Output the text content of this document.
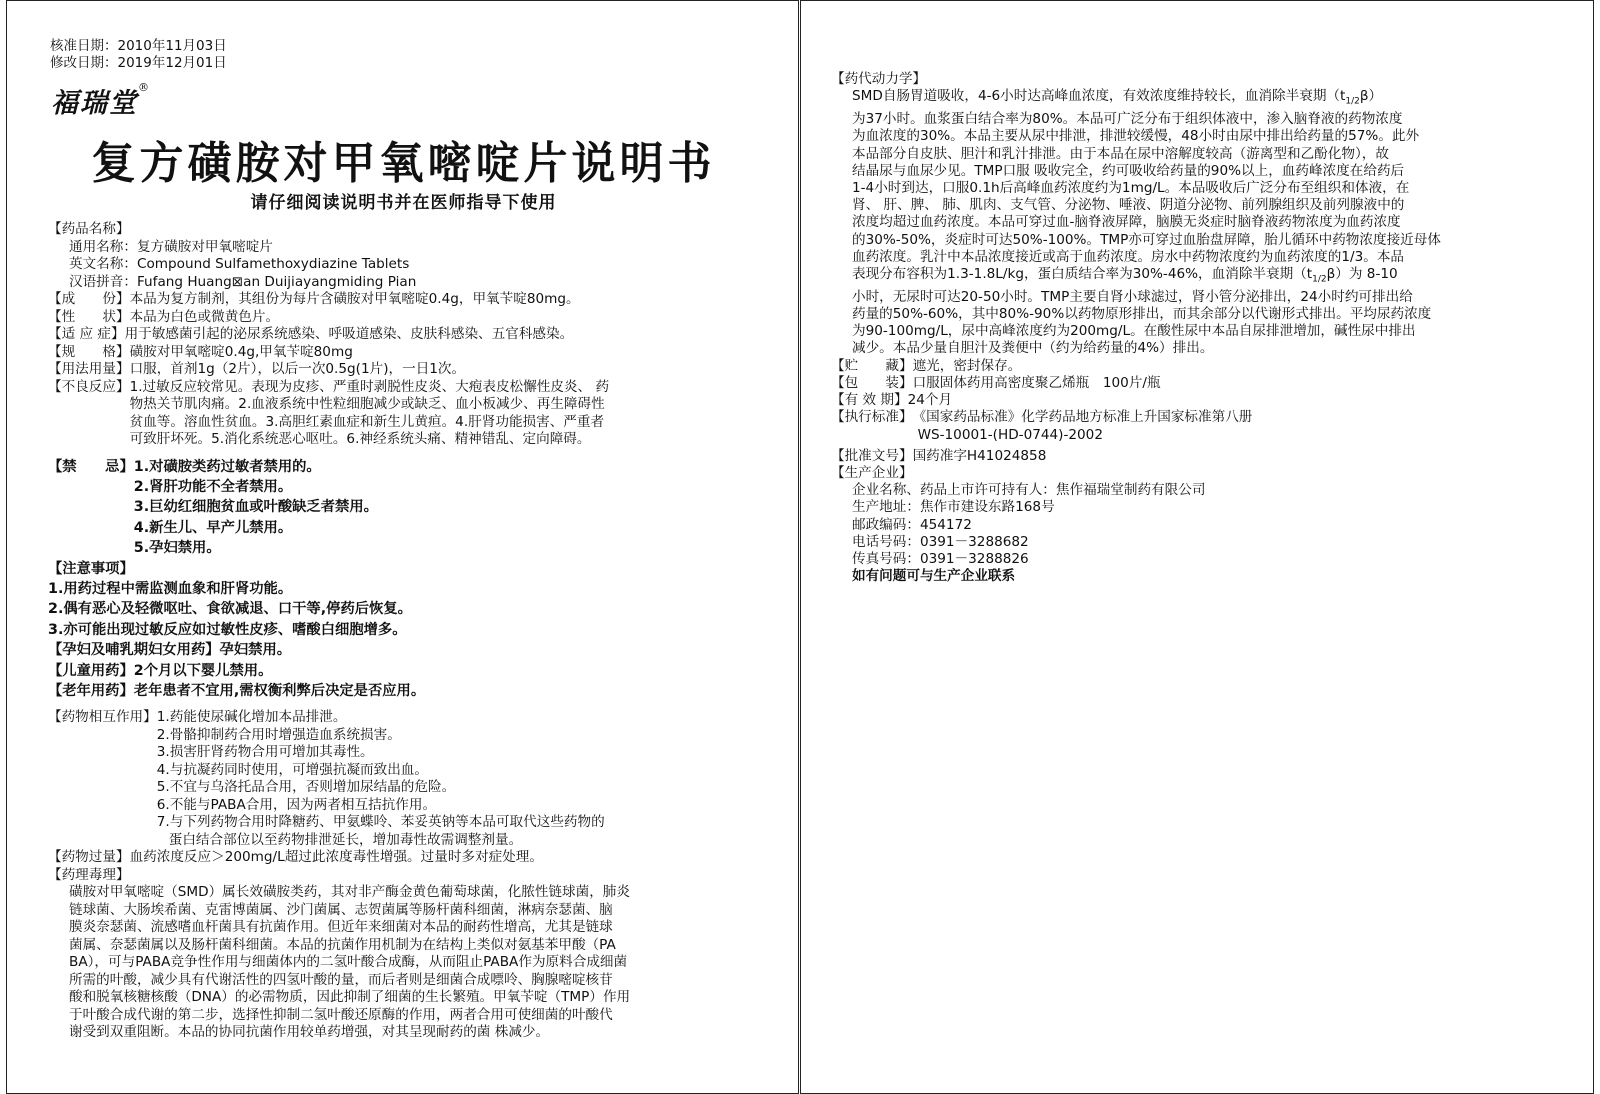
核准日期：2010年11月03日
修改日期：2019年12月01日
福瑞堂®
复方磺胺对甲氧嘧啶片说明书
请仔细阅读说明书并在医师指导下使用
【药品名称】
通用名称：复方磺胺对甲氧嘧啶片
英文名称：Compound Sulfamethoxydiazine Tablets
汉语拼音：Fufang Huang⊠an Duijiayangmiding Pian
【成　　份】 本品为复方制剂，其组份为每片含磺胺对甲氧嘧啶0.4g，甲氧苄啶80mg。
【性　　状】 本品为白色或微黄色片。
【适 应 症】 用于敏感菌引起的泌尿系统感染、呼吸道感染、皮肤科感染、五官科感染。
【规　　格】 磺胺对甲氧嘧啶0.4g,甲氧苄啶80mg
【用法用量】 口服，首剂1g（2片），以后一次0.5g(1片)，一日1次。
【不良反应】 1.过敏反应较常见。表现为皮疹、严重时剥脱性皮炎、大疱表皮松懈性皮炎、 药
物热关节肌肉痛。2.血液系统中性粒细胞减少或缺乏、血小板减少、再生障碍性
贫血等。溶血性贫血。3.高胆红素血症和新生儿黄疸。4.肝肾功能损害、严重者
可致肝坏死。5.消化系统恶心呕吐。6.神经系统头痛、精神错乱、定向障碍。
【禁　　忌】 1.对磺胺类药过敏者禁用的。
2.肾肝功能不全者禁用。
3.巨幼红细胞贫血或叶酸缺乏者禁用。
4.新生儿、早产儿禁用。
5.孕妇禁用。
【注意事项】
1.用药过程中需监测血象和肝肾功能。
2.偶有恶心及轻微呕吐、食欲减退、口干等,停药后恢复。
3.亦可能出现过敏反应如过敏性皮疹、嗜酸白细胞增多。
【孕妇及哺乳期妇女用药】孕妇禁用。
【儿童用药】2个月以下婴儿禁用。
【老年用药】老年患者不宜用,需权衡利弊后决定是否应用。
【药物相互作用】 1.药能使尿碱化增加本品排泄。
2.骨骼抑制药合用时增强造血系统损害。
3.损害肝肾药物合用可增加其毒性。
4.与抗凝药同时使用，可增强抗凝而致出血。
5.不宜与乌洛托品合用，否则增加尿结晶的危险。
6.不能与PABA合用，因为两者相互拮抗作用。
7.与下列药物合用时降糖药、甲氨蝶呤、苯妥英钠等本品可取代这些药物的
蛋白结合部位以至药物排泄延长，增加毒性故需调整剂量。
【药物过量】 血药浓度反应＞200mg/L超过此浓度毒性增强。过量时多对症处理。
【药理毒理】
磺胺对甲氧嘧啶（SMD）属长效磺胺类药，其对非产酶金黄色葡萄球菌，化脓性链球菌，肺炎
链球菌、大肠埃希菌、克雷博菌属、沙门菌属、志贺菌属等肠杆菌科细菌，淋病奈瑟菌、脑
膜炎奈瑟菌、流感嗜血杆菌具有抗菌作用。但近年来细菌对本品的耐药性增高，尤其是链球
菌属、奈瑟菌属以及肠杆菌科细菌。本品的抗菌作用机制为在结构上类似对氨基苯甲酸（PA
BA），可与PABA竞争性作用与细菌体内的二氢叶酸合成酶，从而阻止PABA作为原料合成细菌
所需的叶酸，减少具有代谢活性的四氢叶酸的量，而后者则是细菌合成嘌呤、胸腺嘧啶核苷
酸和脱氧核糖核酸（DNA）的必需物质，因此抑制了细菌的生长繁殖。甲氧苄啶（TMP）作用
于叶酸合成代谢的第二步，选择性抑制二氢叶酸还原酶的作用，两者合用可使细菌的叶酸代
谢受到双重阻断。本品的协同抗菌作用较单药增强，对其呈现耐药的菌 株减少。
【药代动力学】
SMD自肠胃道吸收，4-6小时达高峰血浓度，有效浓度维持较长，血消除半衰期$(t_{1/2}\beta)$
为37小时。血浆蛋白结合率为80%。本品可广泛分布于组织体液中，渗入脑脊液的药物浓度
为血浓度的30%。本品主要从尿中排泄，排泄较缓慢，48小时由尿中排出给药量的57%。此外
本品部分自皮肤、胆汁和乳汁排泄。由于本品在尿中溶解度较高（游离型和乙酚化物），故
结晶尿与血尿少见。TMP口服 吸收完全，约可吸收给药量的90%以上，血药峰浓度在给药后
1-4小时到达，口服0.1h后高峰血药浓度约为1mg/L。本品吸收后广泛分布至组织和体液，在
肾、 肝、脾、 肺、肌肉、支气管、分泌物、唾液、阴道分泌物、前列腺组织及前列腺液中的
浓度均超过血药浓度。本品可穿过血-脑脊液屏障，脑膜无炎症时脑脊液药物浓度为血药浓度
的30%-50%，炎症时可达50%-100%。TMP亦可穿过血胎盘屏障，胎儿循环中药物浓度接近母体
血药浓度。乳汁中本品浓度接近或高于血药浓度。房水中药物浓度约为血药浓度的1/3。本品
表现分布容积为1.3-1.8L/kg，蛋白质结合率为30%-46%，血消除半衰期$(t_{1/2}\beta)$为 8-10
小时，无尿时可达20-50小时。TMP主要自肾小球滤过，肾小管分泌排出，24小时约可排出给
药量的50%-60%，其中80%-90%以药物原形排出，而其余部分以代谢形式排出。平均尿药浓度
为90-100mg/L，尿中高峰浓度约为200mg/L。在酸性尿中本品自尿排泄增加，碱性尿中排出
减少。本品少量自胆汁及粪便中（约为给药量的4%）排出。
【贮　　藏】 遮光，密封保存。
【包　　装】 口服固体药用高密度聚乙烯瓶　100片/瓶
【有 效 期】 24个月
【执行标准】 《国家药品标准》化学药品地方标准上升国家标准第八册
WS-10001-(HD-0744)-2002
【批准文号】 国药准字H41024858
【生产企业】
企业名称、药品上市许可持有人：焦作福瑞堂制药有限公司
生产地址：焦作市建设东路168号
邮政编码：454172
电话号码：0391－3288682
传真号码：0391－3288826
如有问题可与生产企业联系
